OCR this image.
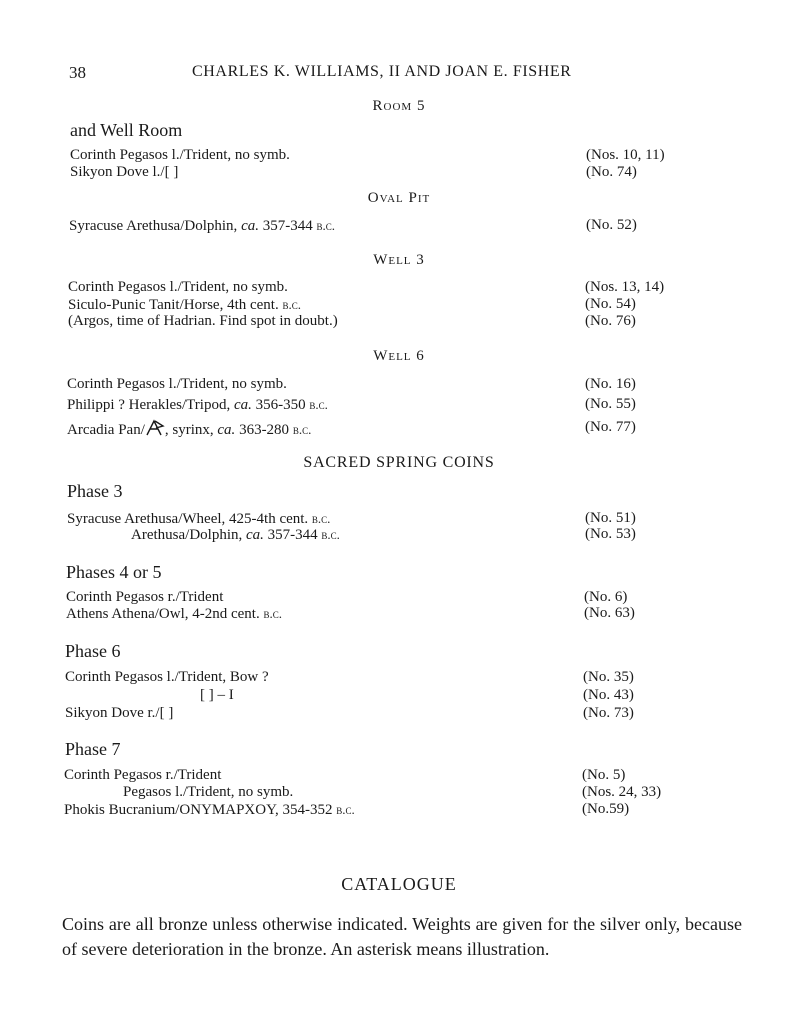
38	CHARLES K. WILLIAMS, II AND JOAN E. FISHER
Room 5
and Well Room
Corinth Pegasos l./Trident, no symb.	(Nos. 10, 11)
Sikyon Dove l./[ ]	(No. 74)
Oval Pit
Syracuse Arethusa/Dolphin, ca. 357-344 b.c.	(No. 52)
Well 3
Corinth Pegasos l./Trident, no symb.	(Nos. 13, 14)
Siculo-Punic Tanit/Horse, 4th cent. b.c.	(No. 54)
(Argos, time of Hadrian. Find spot in doubt.)	(No. 76)
Well 6
Corinth Pegasos l./Trident, no symb.	(No. 16)
Philippi ? Herakles/Tripod, ca. 356-350 b.c.	(No. 55)
Arcadia Pan/ , syrinx, ca. 363-280 b.c.	(No. 77)
SACRED SPRING COINS
Phase 3
Syracuse Arethusa/Wheel, 425-4th cent. b.c.	(No. 51)
Arethusa/Dolphin, ca. 357-344 b.c.	(No. 53)
Phases 4 or 5
Corinth Pegasos r./Trident	(No. 6)
Athens Athena/Owl, 4-2nd cent. b.c.	(No. 63)
Phase 6
Corinth Pegasos l./Trident, Bow ?	(No. 35)
[ ] – I	(No. 43)
Sikyon Dove r./[ ]	(No. 73)
Phase 7
Corinth Pegasos r./Trident	(No. 5)
Pegasos l./Trident, no symb.	(Nos. 24, 33)
Phokis Bucranium/ONYMAPXOY, 354-352 b.c.	(No.59)
CATALOGUE
Coins are all bronze unless otherwise indicated. Weights are given for the silver only, because of severe deterioration in the bronze. An asterisk means illustration.
